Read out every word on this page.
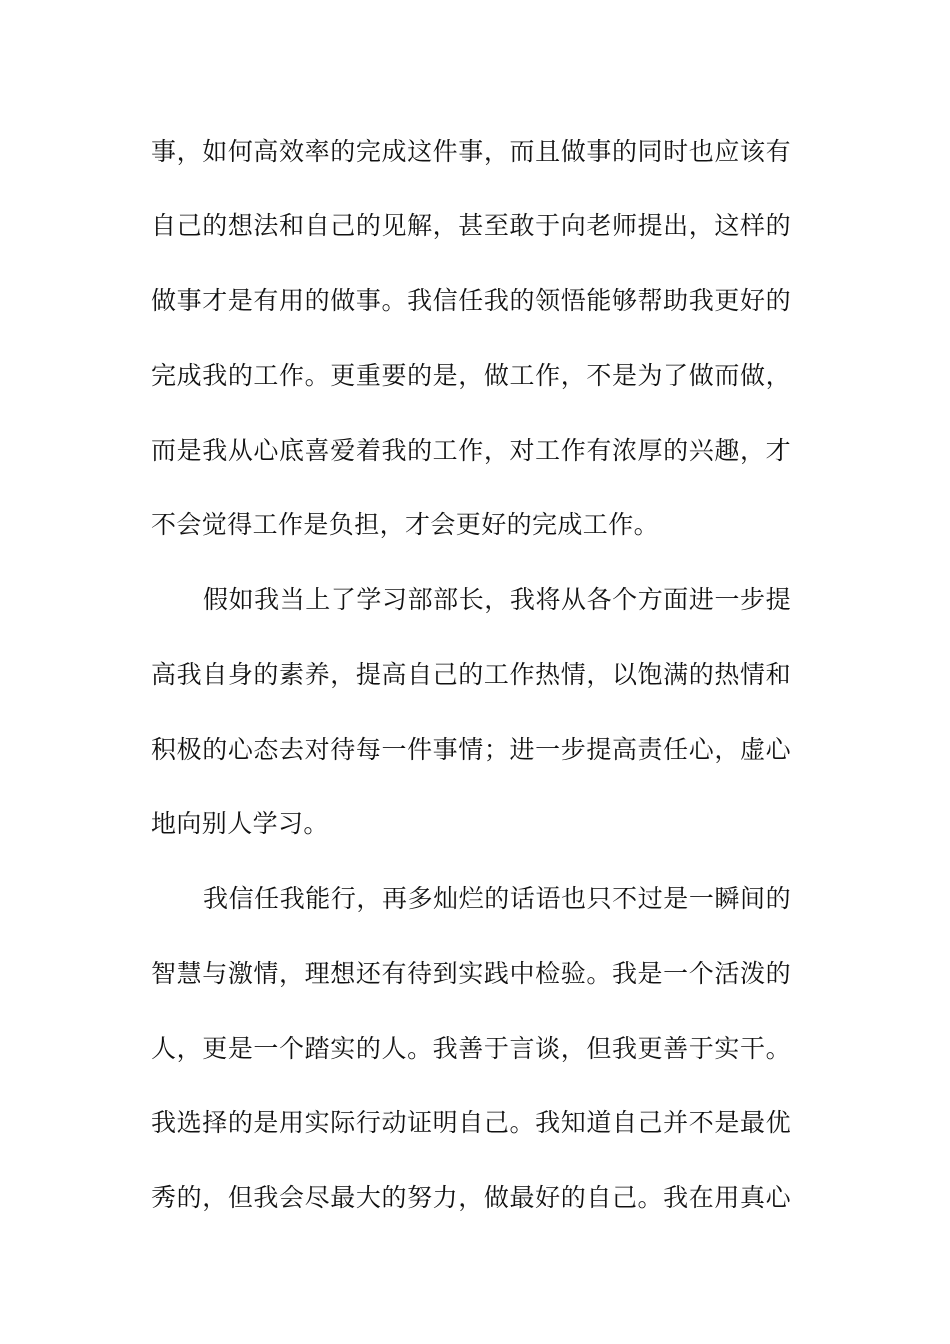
事，如何高效率的完成这件事，而且做事的同时也应该有
自己的想法和自己的见解，甚至敢于向老师提出，这样的
做事才是有用的做事。我信任我的领悟能够帮助我更好的
完成我的工作。更重要的是，做工作，不是为了做而做，
而是我从心底喜爱着我的工作，对工作有浓厚的兴趣，才
不会觉得工作是负担，才会更好的完成工作。
假如我当上了学习部部长，我将从各个方面进一步提
高我自身的素养，提高自己的工作热情，以饱满的热情和
积极的心态去对待每一件事情；进一步提高责任心，虚心
地向别人学习。
我信任我能行，再多灿烂的话语也只不过是一瞬间的
智慧与激情，理想还有待到实践中检验。我是一个活泼的
人，更是一个踏实的人。我善于言谈，但我更善于实干。
我选择的是用实际行动证明自己。我知道自己并不是最优
秀的，但我会尽最大的努力，做最好的自己。我在用真心
